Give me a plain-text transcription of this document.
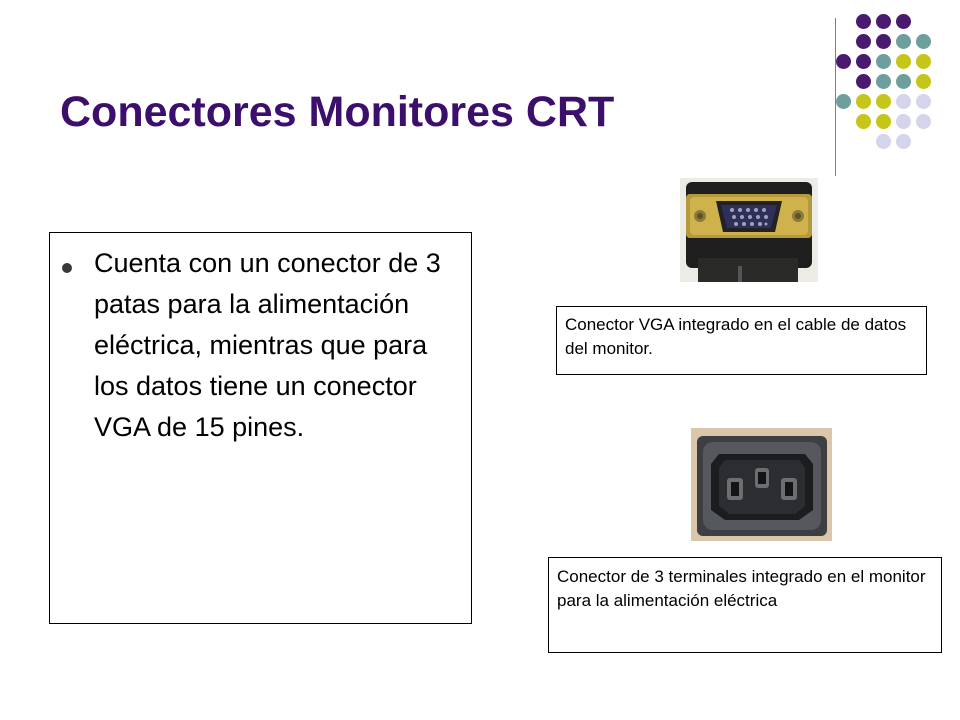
Conectores Monitores CRT
Cuenta con un conector de 3 patas para la alimentación eléctrica, mientras que para los datos tiene un conector VGA de 15 pines.
Conector VGA integrado en el cable de datos del monitor.
Conector de 3 terminales integrado en el monitor para la alimentación eléctrica
